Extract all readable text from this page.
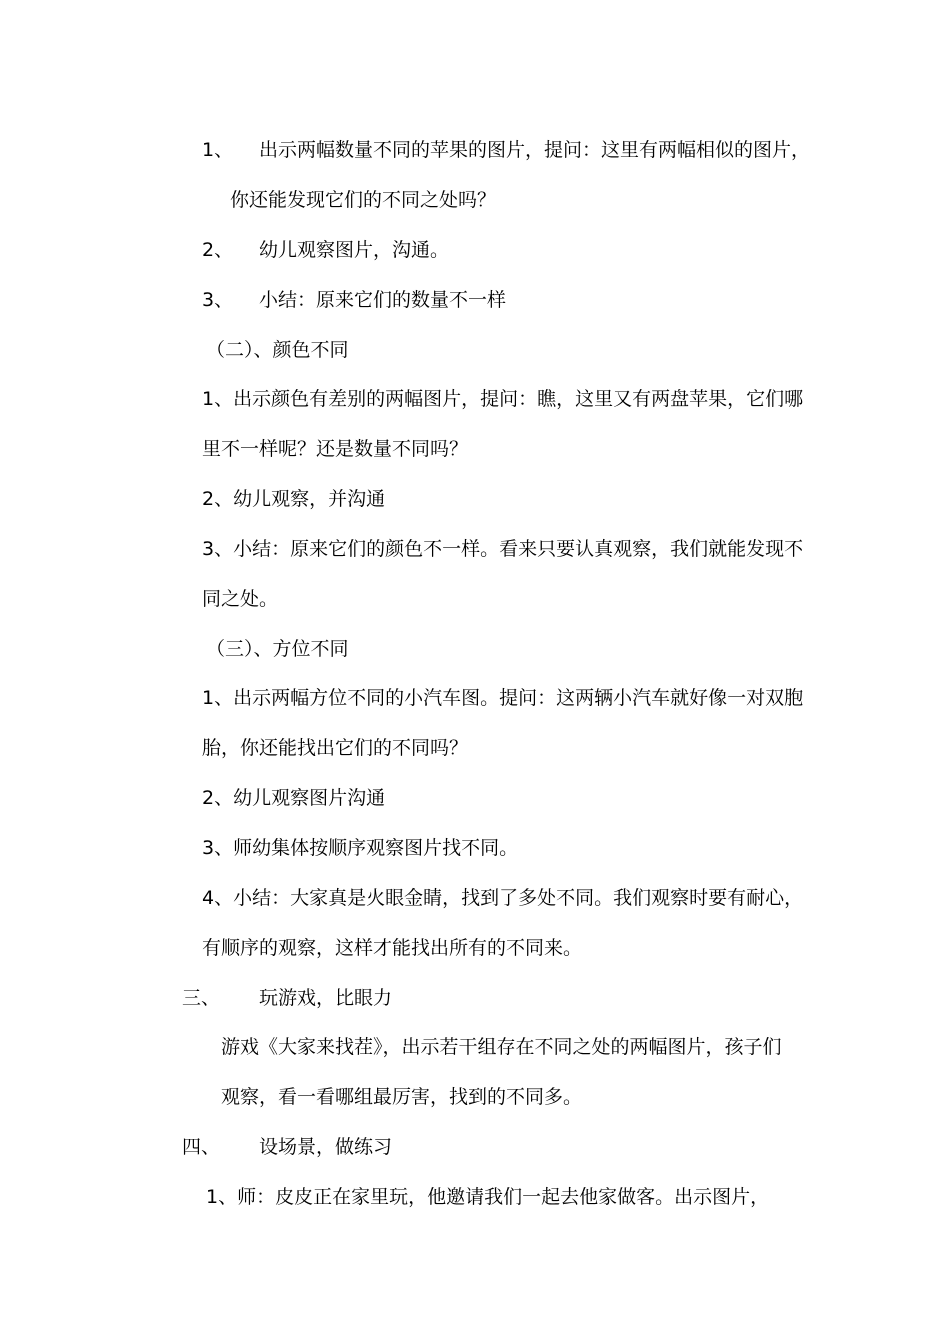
1、 出示两幅数量不同的苹果的图片，提问：这里有两幅相似的图片，
你还能发现它们的不同之处吗？
2、 幼儿观察图片，沟通。
3、 小结：原来它们的数量不一样
（二）、颜色不同
1、出示颜色有差别的两幅图片，提问：瞧，这里又有两盘苹果，它们哪
里不一样呢？还是数量不同吗？
2、幼儿观察，并沟通
3、小结：原来它们的颜色不一样。看来只要认真观察，我们就能发现不
同之处。
（三）、方位不同
1、出示两幅方位不同的小汽车图。提问：这两辆小汽车就好像一对双胞
胎，你还能找出它们的不同吗？
2、幼儿观察图片沟通
3、师幼集体按顺序观察图片找不同。
4、小结：大家真是火眼金睛，找到了多处不同。我们观察时要有耐心，
有顺序的观察，这样才能找出所有的不同来。
三、 玩游戏，比眼力
游戏《大家来找茬》，出示若干组存在不同之处的两幅图片，孩子们
观察，看一看哪组最厉害，找到的不同多。
四、 设场景，做练习
1、师：皮皮正在家里玩，他邀请我们一起去他家做客。出示图片，
